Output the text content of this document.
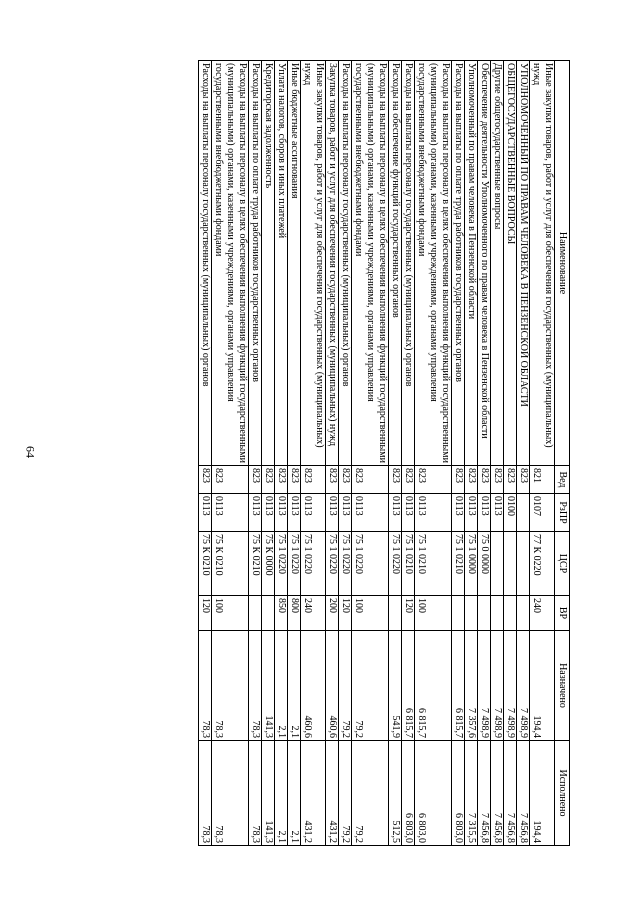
64
Наименование	Вед	РзПР	ЦСР	ВР	Назначено	Исполнено
Иные закупки товаров, работ и услуг для обеспечения государственных (муниципальных) нужд	821	0107	77 К 0220	240	194,4	194,4
УПОЛНОМОЧЕННЫЙ ПО ПРАВАМ ЧЕЛОВЕКА В ПЕНЗЕНСКОЙ ОБЛАСТИ	823				7 498,9	7 456,8
ОБЩЕГОСУДАРСТВЕННЫЕ ВОПРОСЫ	823	0100			7 498,9	7 456,8
Другие общегосударственные вопросы	823	0113			7 498,9	7 456,8
Обеспечение деятельности Уполномоченного по правам человека в Пензенской области	823	0113	75 0 0000		7 498,9	7 456,8
Уполномоченный по правам человека в Пензенской области	823	0113	75 1 0000		7 357,6	7 315,5
Расходы на выплаты по оплате труда работников государственных органов	823	0113	75 1 0210		6 815,7	6 803,0
Расходы на выплаты персоналу в целях обеспечения выполнения функций государственными (муниципальными) органами, казенными учреждениями, органами управления государственными внебюджетными фондами	823	0113	75 1 0210	100	6 815,7	6 803,0
Расходы на выплаты персоналу государственных (муниципальных) органов	823	0113	75 1 0210	120	6 815,7	6 803,0
Расходы на обеспечение функций государственных органов	823	0113	75 1 0220		541,9	512,5
Расходы на выплаты персоналу в целях обеспечения выполнения функций государственными (муниципальными) органами, казенными учреждениями, органами управления государственными внебюджетными фондами	823	0113	75 1 0220	100	79,2	79,2
Расходы на выплаты персоналу государственных (муниципальных) органов	823	0113	75 1 0220	120	79,2	79,2
Закупка товаров, работ и услуг для обеспечения государственных (муниципальных) нужд	823	0113	75 1 0220	200	460,6	431,2
Иные закупки товаров, работ и услуг для обеспечения государственных (муниципальных) нужд	823	0113	75 1 0220	240	460,6	431,2
Иные бюджетные ассигнования	823	0113	75 1 0220	800	2,1	2,1
Уплата налогов, сборов и иных платежей	823	0113	75 1 0220	850	2,1	2,1
Кредиторская задолженность	823	0113	75 К 0000		141,3	141,3
Расходы на выплаты по оплате труда работников государственных органов	823	0113	75 К 0210		78,3	78,3
Расходы на выплаты персоналу в целях обеспечения выполнения функций государственными (муниципальными) органами, казенными учреждениями, органами управления государственными внебюджетными фондами	823	0113	75 К 0210	100	78,3	78,3
Расходы на выплаты персоналу государственных (муниципальных) органов	823	0113	75 К 0210	120	78,3	78,3
